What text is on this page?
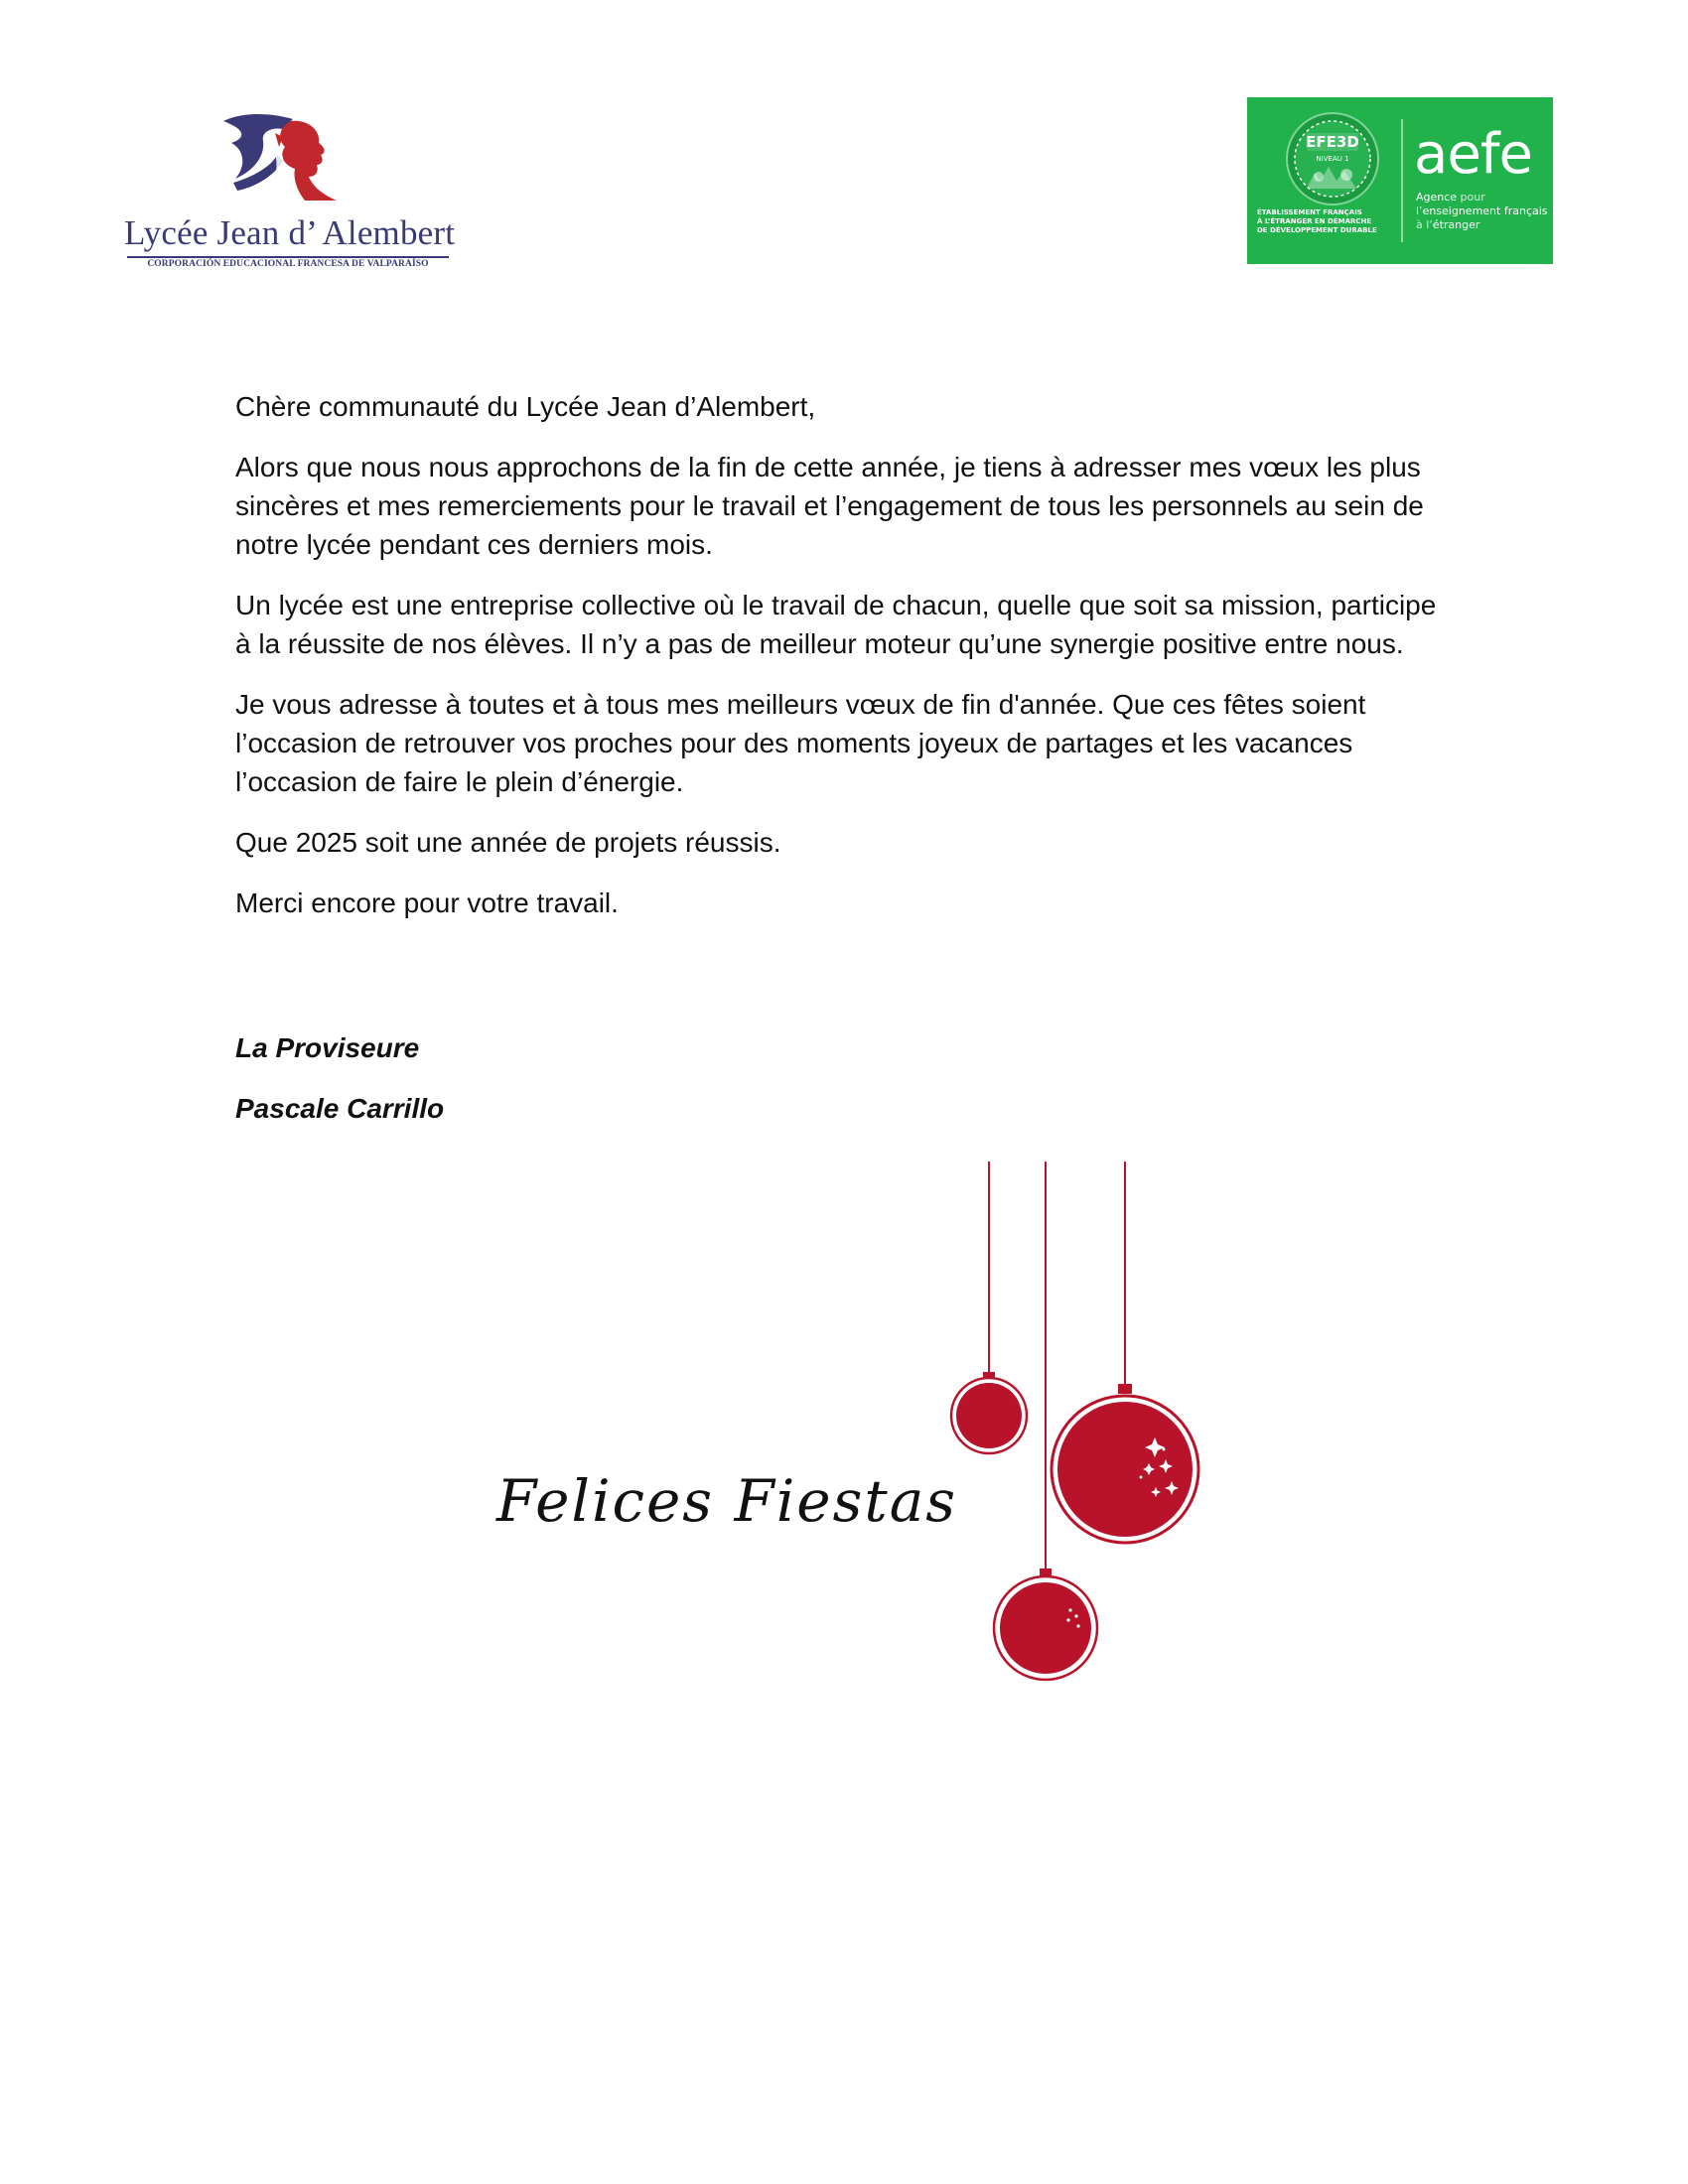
Lycée Jean d’ Alembert
CORPORACIÓN EDUCACIONAL FRANCESA DE VALPARAÍSO
EFE3D
NIVEAU 1
ÉTABLISSEMENT FRANÇAIS
À L’ÉTRANGER EN DÉMARCHE
DE DÉVELOPPEMENT DURABLE
aefe
Agence pour
l’enseignement français
à l’étranger

Chère communauté du Lycée Jean d’Alembert,

Alors que nous nous approchons de la fin de cette année, je tiens à adresser mes vœux les plus sincères et mes remerciements pour le travail et l’engagement de tous les personnels au sein de notre lycée pendant ces derniers mois.

Un lycée est une entreprise collective où le travail de chacun, quelle que soit sa mission, participe à la réussite de nos élèves. Il n’y a pas de meilleur moteur qu’une synergie positive entre nous.

Je vous adresse à toutes et à tous mes meilleurs vœux de fin d'année. Que ces fêtes soient l’occasion de retrouver vos proches pour des moments joyeux de partages et les vacances l’occasion de faire le plein d’énergie.

Que 2025 soit une année de projets réussis.

Merci encore pour votre travail.

La Proviseure

Pascale Carrillo

Felices Fiestas
